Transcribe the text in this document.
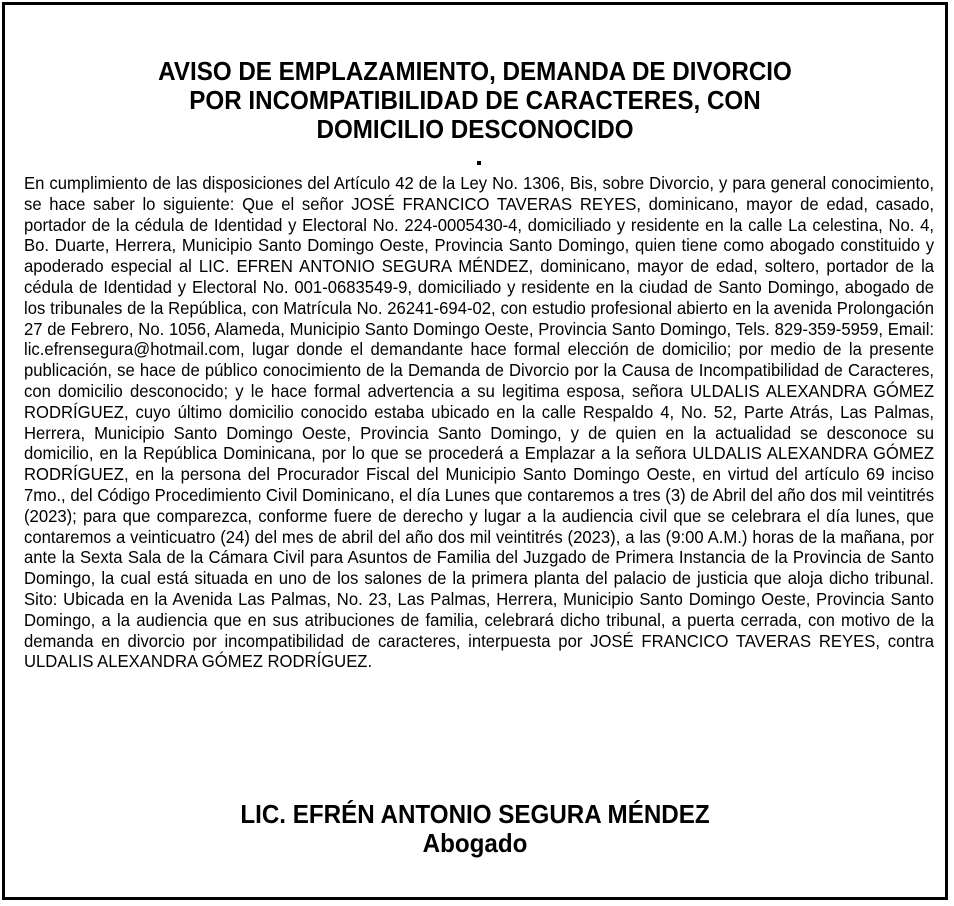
AVISO DE EMPLAZAMIENTO, DEMANDA DE DIVORCIO
POR INCOMPATIBILIDAD DE CARACTERES, CON
DOMICILIO DESCONOCIDO

En cumplimiento de las disposiciones del Artículo 42 de la Ley No. 1306, Bis, sobre Divorcio, y para general conocimiento, se hace saber lo siguiente: Que el señor JOSÉ FRANCICO TAVERAS REYES, dominicano, mayor de edad, casado, portador de la cédula de Identidad y Electoral No. 224-0005430-4, domiciliado y residente en la calle La celestina, No. 4, Bo. Duarte, Herrera, Municipio Santo Domingo Oeste, Provincia Santo Domingo, quien tiene como abogado constituido y apoderado especial al LIC. EFREN ANTONIO SEGURA MÉNDEZ, dominicano, mayor de edad, soltero, portador de la cédula de Identidad y Electoral No. 001-0683549-9, domiciliado y residente en la ciudad de Santo Domingo, abogado de los tribunales de la República, con Matrícula No. 26241-694-02, con estudio profesional abierto en la avenida Prolongación 27 de Febrero, No. 1056, Alameda, Municipio Santo Domingo Oeste, Provincia Santo Domingo, Tels. 829-359-5959, Email: lic.efrensegura@hotmail.com, lugar donde el demandante hace formal elección de domicilio; por medio de la presente publicación, se hace de público conocimiento de la Demanda de Divorcio por la Causa de Incompatibilidad de Caracteres, con domicilio desconocido; y le hace formal advertencia a su legitima esposa, señora ULDALIS ALEXANDRA GÓMEZ RODRÍGUEZ, cuyo último domicilio conocido estaba ubicado en la calle Respaldo 4, No. 52, Parte Atrás, Las Palmas, Herrera, Municipio Santo Domingo Oeste, Provincia Santo Domingo, y de quien en la actualidad se desconoce su domicilio, en la República Dominicana, por lo que se procederá a Emplazar a la señora ULDALIS ALEXANDRA GÓMEZ RODRÍGUEZ, en la persona del Procurador Fiscal del Municipio Santo Domingo Oeste, en virtud del artículo 69 inciso 7mo., del Código Procedimiento Civil Dominicano, el día Lunes que contaremos a tres (3) de Abril del año dos mil veintitrés (2023); para que comparezca, conforme fuere de derecho y lugar a la audiencia civil que se celebrara el día lunes, que contaremos a veinticuatro (24) del mes de abril del año dos mil veintitrés (2023), a las (9:00 A.M.) horas de la mañana, por ante la Sexta Sala de la Cámara Civil para Asuntos de Familia del Juzgado de Primera Instancia de la Provincia de Santo Domingo, la cual está situada en uno de los salones de la primera planta del palacio de justicia que aloja dicho tribunal. Sito: Ubicada en la Avenida Las Palmas, No. 23, Las Palmas, Herrera, Municipio Santo Domingo Oeste, Provincia Santo Domingo, a la audiencia que en sus atribuciones de familia, celebrará dicho tribunal, a puerta cerrada, con motivo de la demanda en divorcio por incompatibilidad de caracteres, interpuesta por JOSÉ FRANCICO TAVERAS REYES, contra ULDALIS ALEXANDRA GÓMEZ RODRÍGUEZ.

LIC. EFRÉN ANTONIO SEGURA MÉNDEZ
Abogado
